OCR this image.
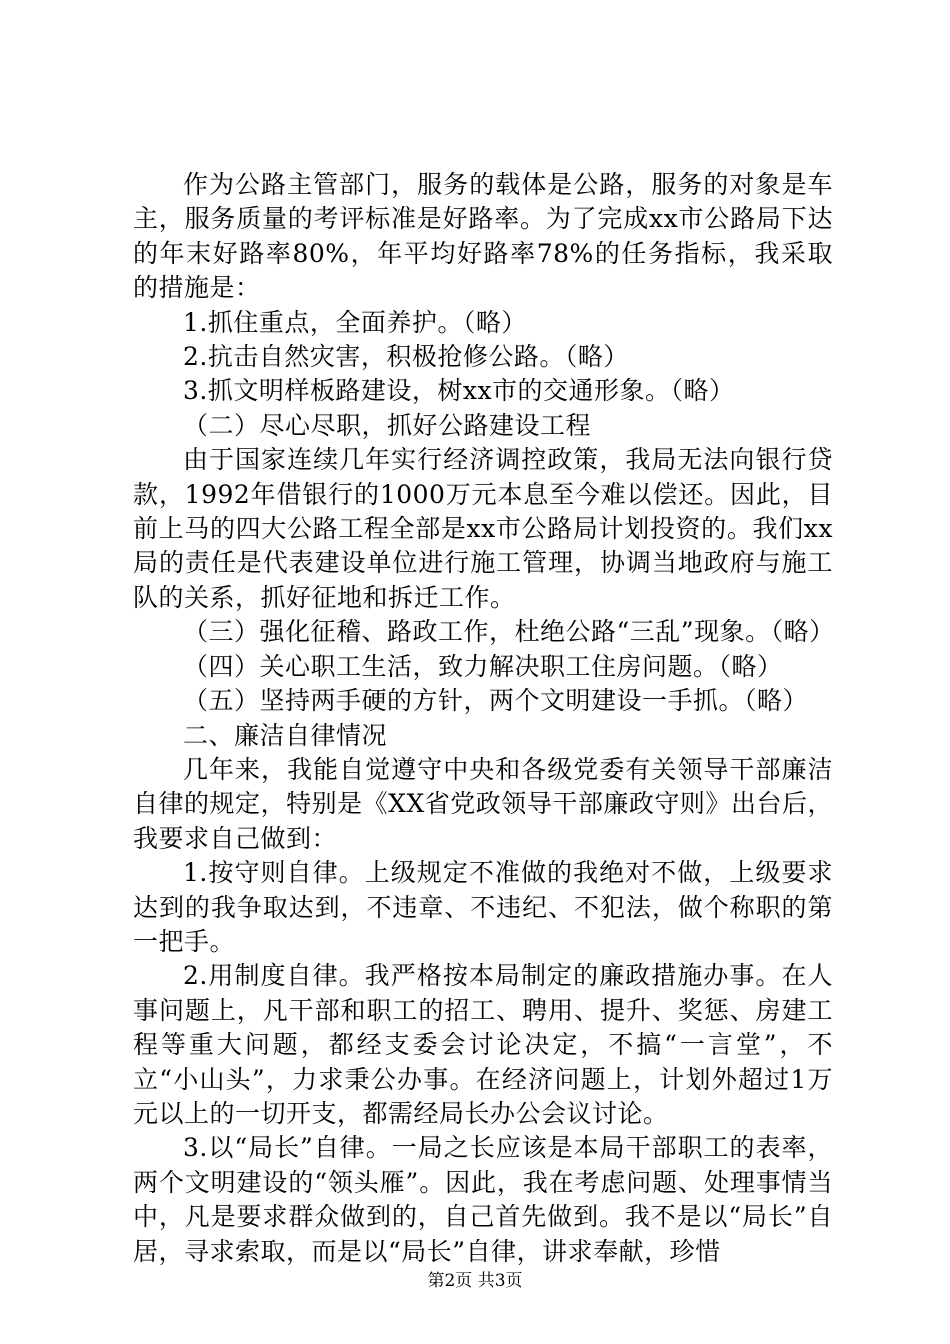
作为公路主管部门，服务的载体是公路，服务的对象是车主，服务质量的考评标准是好路率。为了完成xx市公路局下达的年末好路率80%，年平均好路率78%的任务指标，我采取的措施是：

1.抓住重点，全面养护。（略）

2.抗击自然灾害，积极抢修公路。（略）

3.抓文明样板路建设，树xx市的交通形象。（略）

（二）尽心尽职，抓好公路建设工程

由于国家连续几年实行经济调控政策，我局无法向银行贷款，1992年借银行的1000万元本息至今难以偿还。因此，目前上马的四大公路工程全部是xx市公路局计划投资的。我们xx局的责任是代表建设单位进行施工管理，协调当地政府与施工队的关系，抓好征地和拆迁工作。

（三）强化征稽、路政工作，杜绝公路“三乱”现象。（略）

（四）关心职工生活，致力解决职工住房问题。（略）

（五）坚持两手硬的方针，两个文明建设一手抓。（略）

二、廉洁自律情况

几年来，我能自觉遵守中央和各级党委有关领导干部廉洁自律的规定，特别是《XX省党政领导干部廉政守则》出台后，我要求自己做到：

1.按守则自律。上级规定不准做的我绝对不做，上级要求达到的我争取达到，不违章、不违纪、不犯法，做个称职的第一把手。

2.用制度自律。我严格按本局制定的廉政措施办事。在人事问题上，凡干部和职工的招工、聘用、提升、奖惩、房建工程等重大问题，都经支委会讨论决定，不搞“一言堂”，不立“小山头”，力求秉公办事。在经济问题上，计划外超过1万元以上的一切开支，都需经局长办公会议讨论。

3.以“局长”自律。一局之长应该是本局干部职工的表率，两个文明建设的“领头雁”。因此，我在考虑问题、处理事情当中，凡是要求群众做到的，自己首先做到。我不是以“局长”自居，寻求索取，而是以“局长”自律，讲求奉献，珍惜

第2页 共3页
